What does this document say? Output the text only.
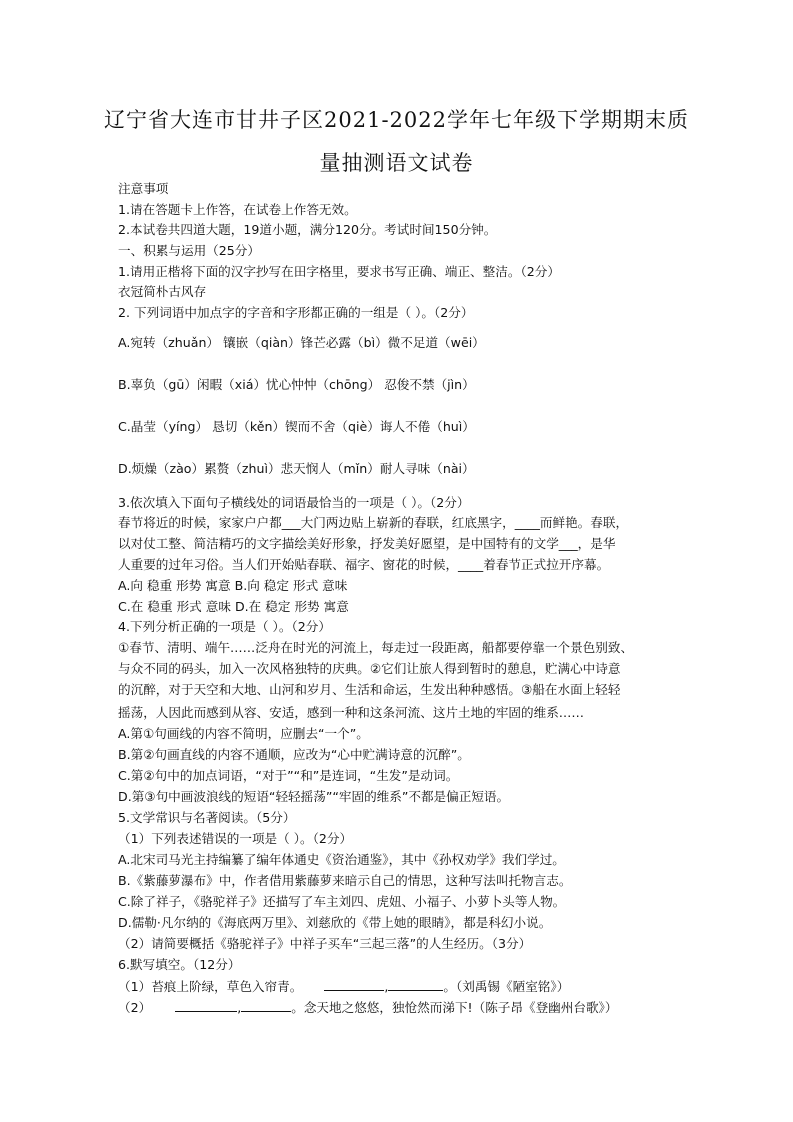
辽宁省大连市甘井子区2021-2022学年七年级下学期期末质
量抽测语文试卷
注意事项
1.请在答题卡上作答，在试卷上作答无效。
2.本试卷共四道大题，19道小题，满分120分。考试时间150分钟。
一、积累与运用（25分）
1.请用正楷将下面的汉字抄写在田字格里，要求书写正确、端正、整洁。（2分）
衣冠简朴古风存
2. 下列词语中加点字的字音和字形都正确的一组是（ ）。（2分）
A.宛转（zhuǎn） 镶嵌（qiàn）锋芒必露（bì）微不足道（wēi）
B.辜负（gū）闲暇（xiá）忧心忡忡（chōng） 忍俊不禁（jìn）
C.晶莹（yíng） 恳切（kěn）锲而不舍（qiè）诲人不倦（huì）
D.烦燥（zào）累赘（zhuì）悲天悯人（mǐn）耐人寻味（nài）
3.依次填入下面句子横线处的词语最恰当的一项是（ ）。（2分）
春节将近的时候，家家户户都___大门两边贴上崭新的春联，红底黑字，____而鲜艳。春联，
以对仗工整、简洁精巧的文字描绘美好形象，抒发美好愿望，是中国特有的文学___，是华
人重要的过年习俗。当人们开始贴春联、福字、窗花的时候，____着春节正式拉开序幕。
A.向 稳重 形势 寓意 B.向 稳定 形式 意味
C.在 稳重 形式 意味 D.在 稳定 形势 寓意
4.下列分析正确的一项是（ ）。（2分）
①春节、清明、端午……泛舟在时光的河流上，每走过一段距离，船都要停靠一个景色别致、
与众不同的码头，加入一次风格独特的庆典。②它们让旅人得到暂时的憩息，贮满心中诗意
的沉醉，对于天空和大地、山河和岁月、生活和命运，生发出种种感悟。③船在水面上轻轻
摇荡，人因此而感到从容、安适，感到一种和这条河流、这片土地的牢固的维系……
A.第①句画线的内容不简明，应删去“一个”。
B.第②句画直线的内容不通顺，应改为“心中贮满诗意的沉醉”。
C.第②句中的加点词语，“对于”“和”是连词，“生发”是动词。
D.第③句中画波浪线的短语“轻轻摇荡”“牢固的维系”不都是偏正短语。
5.文学常识与名著阅读。（5分）
（1）下列表述错误的一项是（ ）。（2分）
A.北宋司马光主持编纂了编年体通史《资治通鉴》，其中《孙权劝学》我们学过。
B.《紫藤萝瀑布》中，作者借用紫藤萝来暗示自己的情思，这种写法叫托物言志。
C.除了祥子，《骆驼祥子》还描写了车主刘四、虎妞、小福子、小萝卜头等人物。
D.儒勒·凡尔纳的《海底两万里》、刘慈欣的《带上她的眼睛》，都是科幻小说。
（2）请简要概括《骆驼祥子》中祥子买车“三起三落”的人生经历。（3分）
6.默写填空。（12分）
（1）苔痕上阶绿，草色入帘青。	,	。（刘禹锡《陋室铭》）
（2）	,	。念天地之悠悠，独怆然而涕下!（陈子昂《登幽州台歌》）
